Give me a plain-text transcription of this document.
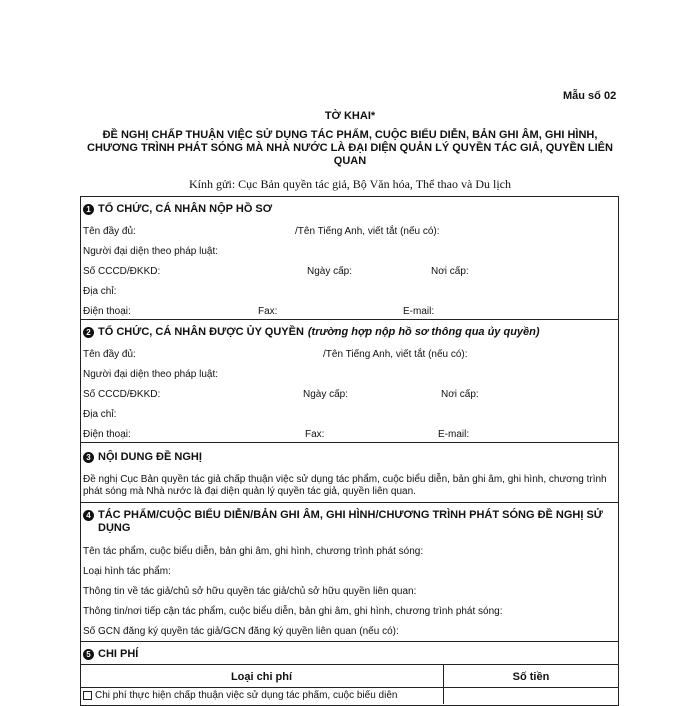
Mẫu số 02
TỜ KHAI*
ĐỀ NGHỊ CHẤP THUẬN VIỆC SỬ DỤNG TÁC PHẨM, CUỘC BIỂU DIỄN, BẢN GHI ÂM, GHI HÌNH, CHƯƠNG TRÌNH PHÁT SÓNG MÀ NHÀ NƯỚC LÀ ĐẠI DIỆN QUẢN LÝ QUYỀN TÁC GIẢ, QUYỀN LIÊN QUAN
Kính gửi: Cục Bản quyền tác giả, Bộ Văn hóa, Thể thao và Du lịch
1 TỔ CHỨC, CÁ NHÂN NỘP HỒ SƠ
Tên đầy đủ:	/Tên Tiếng Anh, viết tắt (nếu có):
Người đại diện theo pháp luật:
Số CCCD/ĐKKD:	Ngày cấp:	Nơi cấp:
Địa chỉ:
Điện thoại:	Fax:	E-mail:
2 TỔ CHỨC, CÁ NHÂN ĐƯỢC ỦY QUYỀN (trường hợp nộp hồ sơ thông qua ủy quyền)
Tên đầy đủ:	/Tên Tiếng Anh, viết tắt (nếu có):
Người đại diện theo pháp luật:
Số CCCD/ĐKKD:	Ngày cấp:	Nơi cấp:
Địa chỉ:
Điện thoại:	Fax:	E-mail:
3 NỘI DUNG ĐỀ NGHỊ
Đề nghị Cục Bản quyền tác giả chấp thuận việc sử dụng tác phẩm, cuộc biểu diễn, bản ghi âm, ghi hình, chương trình phát sóng mà Nhà nước là đại diện quản lý quyền tác giả, quyền liên quan.
4 TÁC PHẨM/CUỘC BIỂU DIỄN/BẢN GHI ÂM, GHI HÌNH/CHƯƠNG TRÌNH PHÁT SÓNG ĐỀ NGHỊ SỬ DỤNG
Tên tác phẩm, cuộc biểu diễn, bản ghi âm, ghi hình, chương trình phát sóng:
Loại hình tác phẩm:
Thông tin về tác giả/chủ sở hữu quyền tác giả/chủ sở hữu quyền liên quan:
Thông tin/nơi tiếp cận tác phẩm, cuộc biểu diễn, bản ghi âm, ghi hình, chương trình phát sóng:
Số GCN đăng ký quyền tác giả/GCN đăng ký quyền liên quan (nếu có):
5 CHI PHÍ
Loại chi phí	Số tiền
Chi phí thực hiện chấp thuận việc sử dụng tác phẩm, cuộc biểu diễn
